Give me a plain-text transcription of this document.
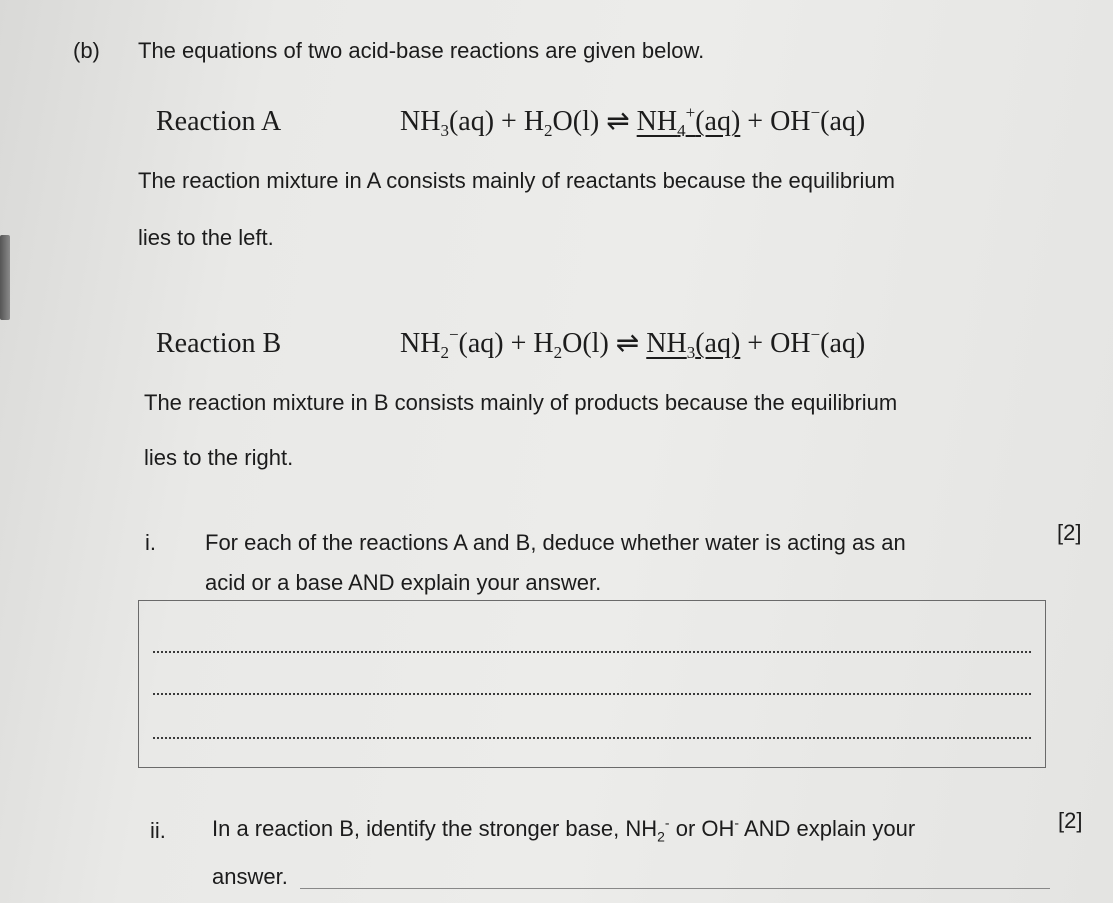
(b) The equations of two acid-base reactions are given below.
Reaction A	$NH_3(aq) + H_2O(l)$ ⇌ $NH_4^+(aq) + OH^-(aq)$
The reaction mixture in A consists mainly of reactants because the equilibrium
lies to the left.
Reaction B	$NH_2^-(aq) + H_2O(l)$ ⇌ $NH_3(aq) + OH^-(aq)$
The reaction mixture in B consists mainly of products because the equilibrium
lies to the right.
i. For each of the reactions A and B, deduce whether water is acting as an	[2]
acid or a base AND explain your answer.
ii. In a reaction B, identify the stronger base, $NH_2^-$ or OH- AND explain your	[2]
answer.
